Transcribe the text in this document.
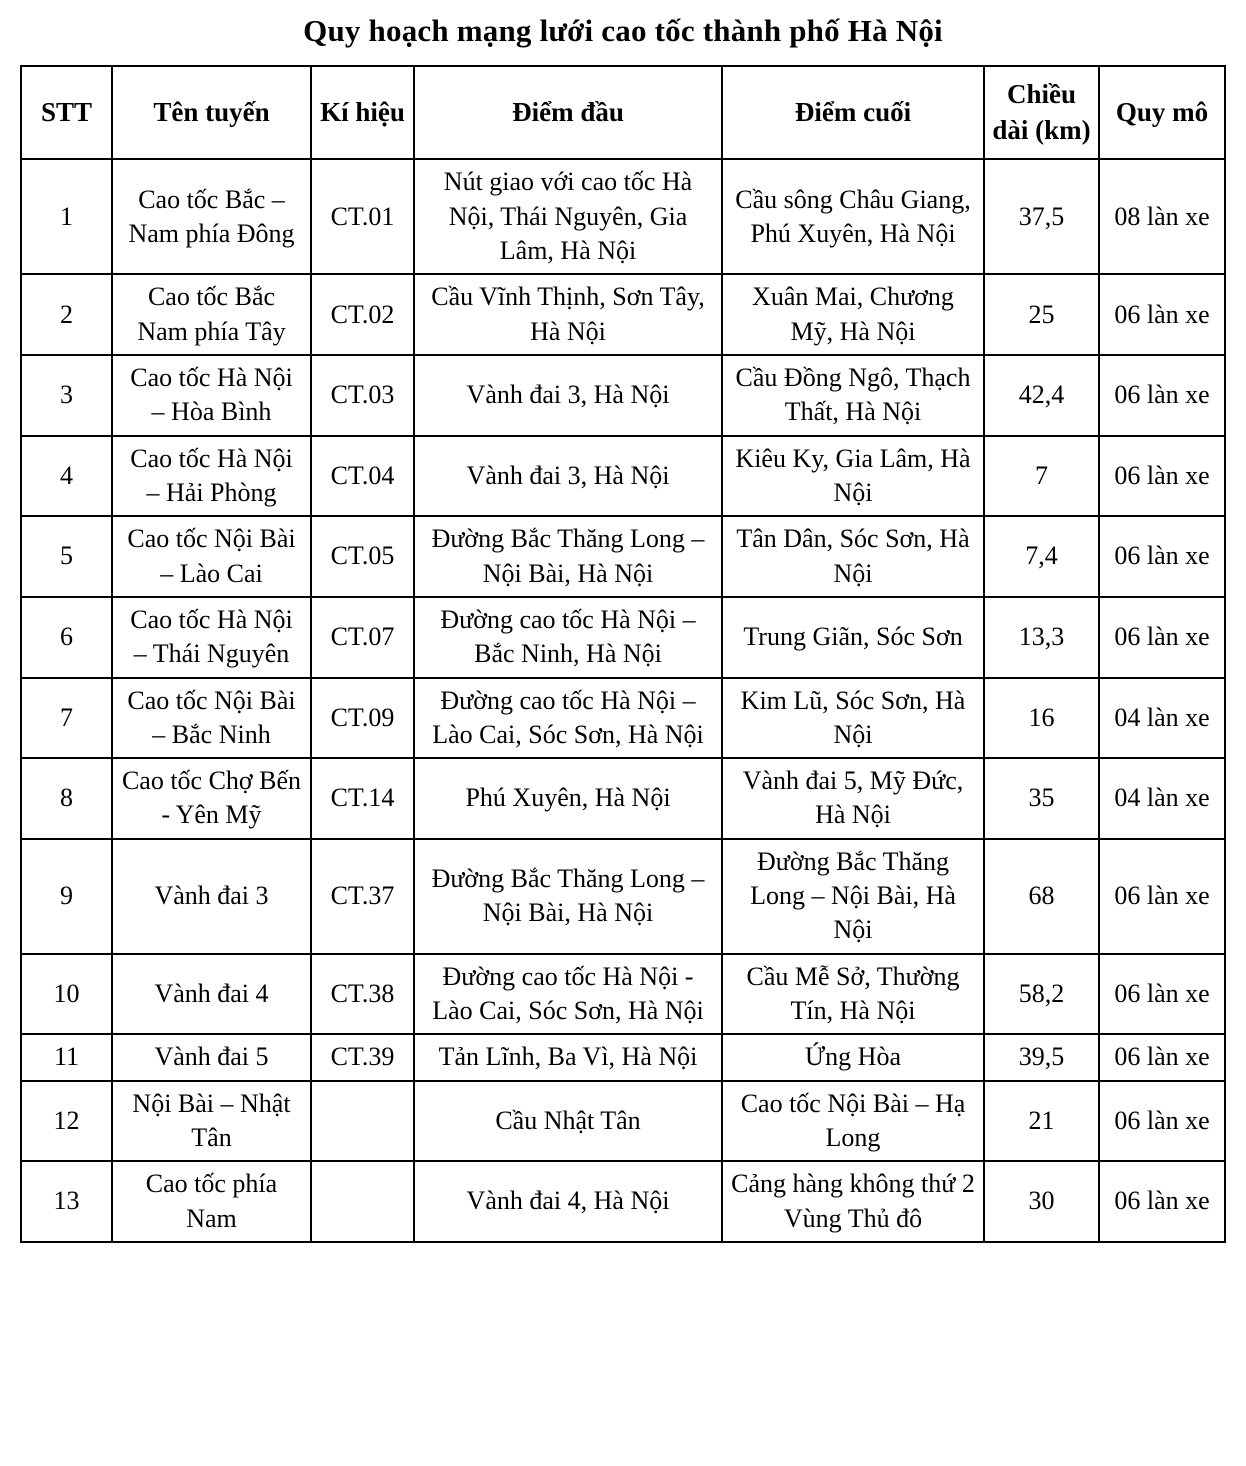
Quy hoạch mạng lưới cao tốc thành phố Hà Nội
STT	Tên tuyến	Kí hiệu	Điểm đầu	Điểm cuối	Chiều dài (km)	Quy mô
1	Cao tốc Bắc – Nam phía Đông	CT.01	Nút giao với cao tốc Hà Nội, Thái Nguyên, Gia Lâm, Hà Nội	Cầu sông Châu Giang, Phú Xuyên, Hà Nội	37,5	08 làn xe
2	Cao tốc Bắc Nam phía Tây	CT.02	Cầu Vĩnh Thịnh, Sơn Tây, Hà Nội	Xuân Mai, Chương Mỹ, Hà Nội	25	06 làn xe
3	Cao tốc Hà Nội – Hòa Bình	CT.03	Vành đai 3, Hà Nội	Cầu Đồng Ngô, Thạch Thất, Hà Nội	42,4	06 làn xe
4	Cao tốc Hà Nội – Hải Phòng	CT.04	Vành đai 3, Hà Nội	Kiêu Ky, Gia Lâm, Hà Nội	7	06 làn xe
5	Cao tốc Nội Bài – Lào Cai	CT.05	Đường Bắc Thăng Long – Nội Bài, Hà Nội	Tân Dân, Sóc Sơn, Hà Nội	7,4	06 làn xe
6	Cao tốc Hà Nội – Thái Nguyên	CT.07	Đường cao tốc Hà Nội – Bắc Ninh, Hà Nội	Trung Giãn, Sóc Sơn	13,3	06 làn xe
7	Cao tốc Nội Bài – Bắc Ninh	CT.09	Đường cao tốc Hà Nội – Lào Cai, Sóc Sơn, Hà Nội	Kim Lũ, Sóc Sơn, Hà Nội	16	04 làn xe
8	Cao tốc Chợ Bến - Yên Mỹ	CT.14	Phú Xuyên, Hà Nội	Vành đai 5, Mỹ Đức, Hà Nội	35	04 làn xe
9	Vành đai 3	CT.37	Đường Bắc Thăng Long – Nội Bài, Hà Nội	Đường Bắc Thăng Long – Nội Bài, Hà Nội	68	06 làn xe
10	Vành đai 4	CT.38	Đường cao tốc Hà Nội - Lào Cai, Sóc Sơn, Hà Nội	Cầu Mễ Sở, Thường Tín, Hà Nội	58,2	06 làn xe
11	Vành đai 5	CT.39	Tản Lĩnh, Ba Vì, Hà Nội	Ứng Hòa	39,5	06 làn xe
12	Nội Bài – Nhật Tân		Cầu Nhật Tân	Cao tốc Nội Bài – Hạ Long	21	06 làn xe
13	Cao tốc phía Nam		Vành đai 4, Hà Nội	Cảng hàng không thứ 2 Vùng Thủ đô	30	06 làn xe
